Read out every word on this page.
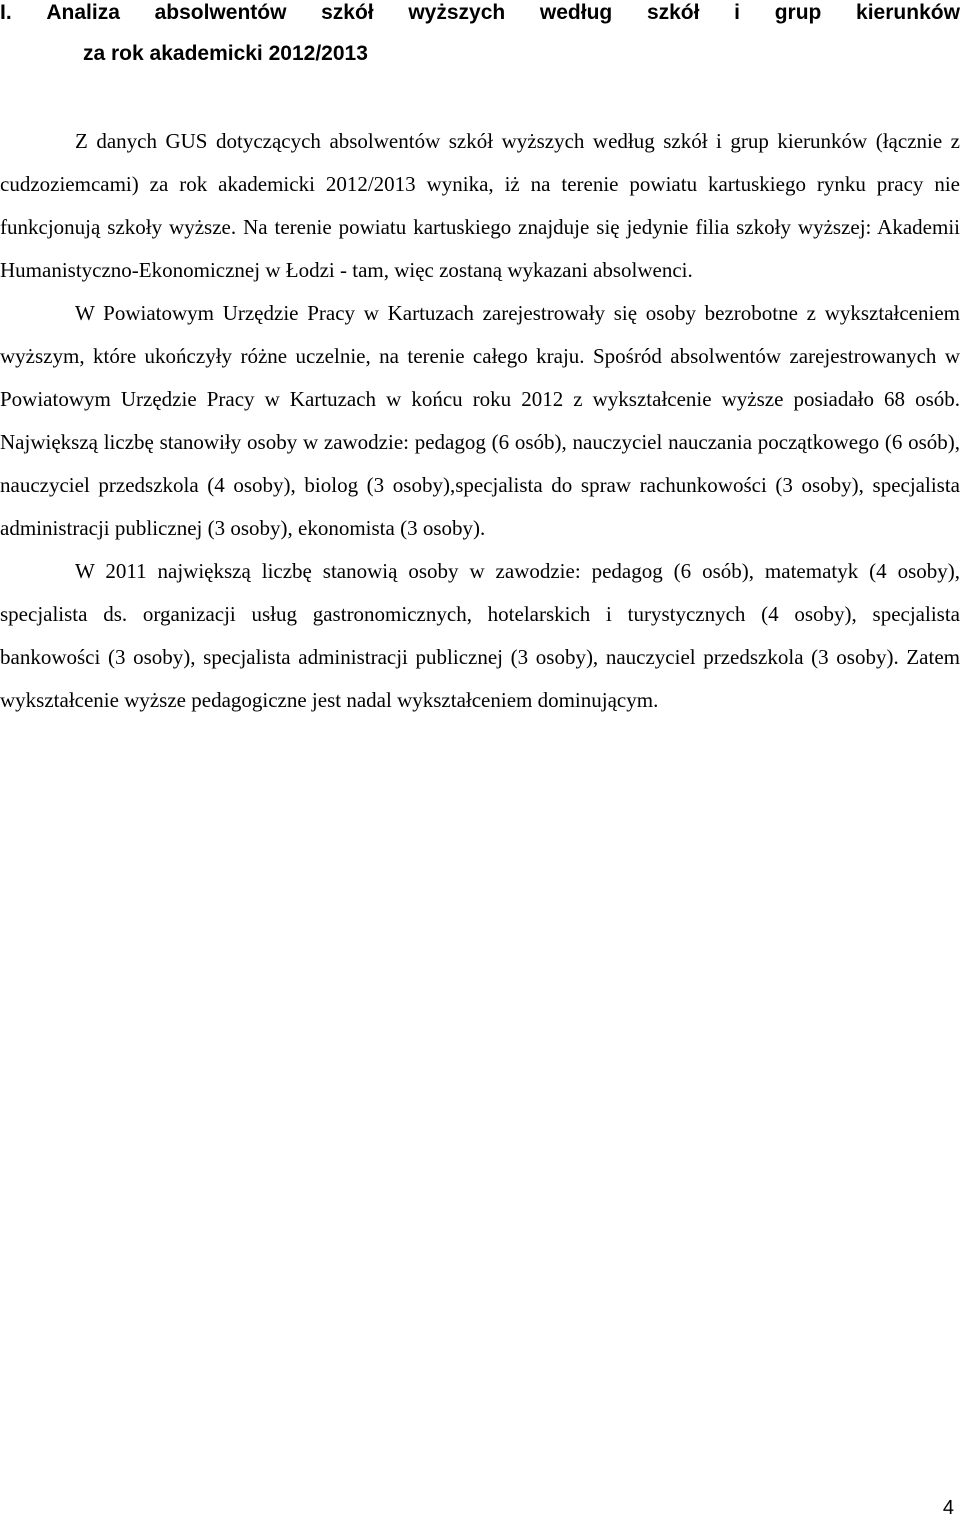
I. Analiza absolwentów szkół wyższych według szkół i grup kierunków
za rok akademicki 2012/2013

Z danych GUS dotyczących absolwentów szkół wyższych według szkół i grup kierunków (łącznie z cudzoziemcami) za rok akademicki 2012/2013 wynika, iż na terenie powiatu kartuskiego rynku pracy nie funkcjonują szkoły wyższe. Na terenie powiatu kartuskiego znajduje się jedynie filia szkoły wyższej: Akademii Humanistyczno-Ekonomicznej w Łodzi - tam, więc zostaną wykazani absolwenci.

W Powiatowym Urzędzie Pracy w Kartuzach zarejestrowały się osoby bezrobotne z wykształceniem wyższym, które ukończyły różne uczelnie, na terenie całego kraju. Spośród absolwentów zarejestrowanych w Powiatowym Urzędzie Pracy w Kartuzach w końcu roku 2012 z wykształcenie wyższe posiadało 68 osób. Największą liczbę stanowiły osoby w zawodzie: pedagog (6 osób), nauczyciel nauczania początkowego (6 osób), nauczyciel przedszkola (4 osoby), biolog (3 osoby),specjalista do spraw rachunkowości (3 osoby), specjalista administracji publicznej (3 osoby), ekonomista (3 osoby).

W 2011 największą liczbę stanowią osoby w zawodzie: pedagog (6 osób), matematyk (4 osoby), specjalista ds. organizacji usług gastronomicznych, hotelarskich i turystycznych (4 osoby), specjalista bankowości (3 osoby), specjalista administracji publicznej (3 osoby), nauczyciel przedszkola (3 osoby). Zatem wykształcenie wyższe pedagogiczne jest nadal wykształceniem dominującym.

4
